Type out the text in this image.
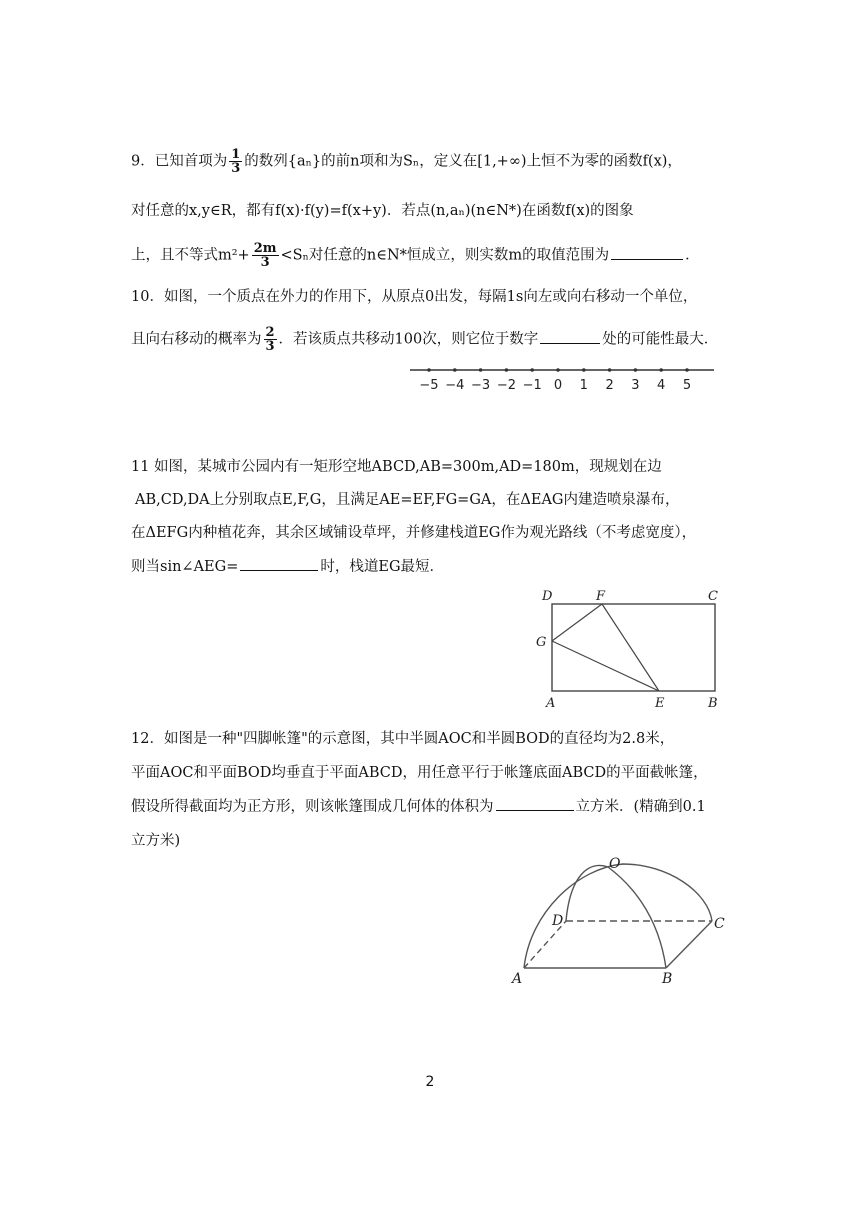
9．已知首项为 $\frac{1}{3}$ 的数列{aₙ}的前n项和为Sₙ，定义在[1,+∞)上恒不为零的函数f(x)，
对任意的x,y∈R，都有f(x)·f(y)=f(x+y)．若点(n,aₙ)(n∈N*)在函数f(x)的图象
上，且不等式$m^2+ \frac{2m}{3} <S_n$对任意的n∈N*恒成立，则实数m的取值范围为	．
10．如图，一个质点在外力的作用下，从原点0出发，每隔1s向左或向右移动一个单位，
且向右移动的概率为 $\frac{2}{3}$ ．若该质点共移动100次，则它位于数字	处的可能性最大．
−5 −4 −3 −2 −1 0 1 2 3 4 5
11 如图，某城市公园内有一矩形空地ABCD,AB=300m,AD=180m，现规划在边
AB,CD,DA上分别取点E,F,G，且满足AE=EF,FG=GA，在ΔEAG内建造喷泉瀑布，
在ΔEFG内种植花奔，其余区域铺设草坪，并修建栈道EG作为观光路线（不考虑宽度），
则当sin∠AEG=	时，栈道EG最短．
D	F	C
G
A	E	B
12．如图是一种"四脚帐篷"的示意图，其中半圆AOC和半圆BOD的直径均为2.8米，
平面AOC和平面BOD均垂直于平面ABCD，用任意平行于帐篷底面ABCD的平面截帐篷，
假设所得截面均为正方形，则该帐篷围成几何体的体积为	立方米．(精确到0.1
立方米)
O
D	C
A	B
2
